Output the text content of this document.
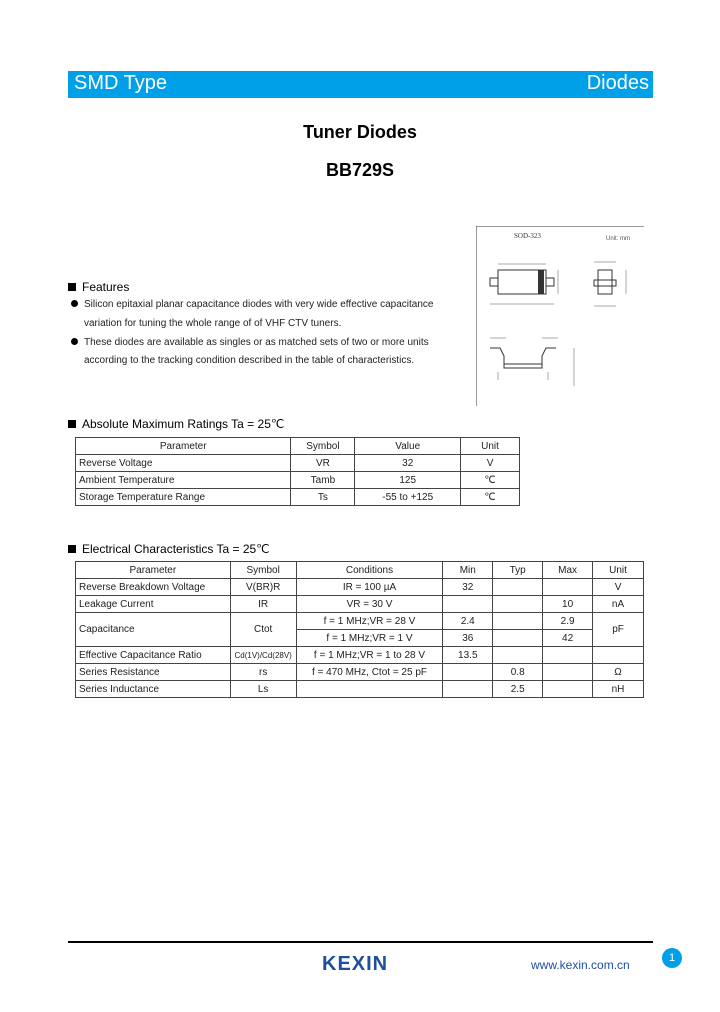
SMD Type	Diodes
Tuner Diodes
BB729S
SOD-323	Unit: mm
Features
Silicon epitaxial planar capacitance diodes with very wide effective capacitance
variation for tuning the whole range of of VHF CTV tuners.
These diodes are available as singles or as matched sets of two or more units
according to the tracking condition described in the table of characteristics.
Absolute Maximum Ratings Ta = 25℃
Parameter	Symbol	Value	Unit
Reverse Voltage	VR	32	V
Ambient Temperature	Tamb	125	℃
Storage Temperature Range	Ts	-55 to +125	℃
Electrical Characteristics Ta = 25℃
Parameter	Symbol	Conditions	Min	Typ	Max	Unit
Reverse Breakdown Voltage	V(BR)R	IR = 100 µA	32			V
Leakage Current	IR	VR = 30 V			10	nA
Capacitance	Ctot	f = 1 MHz;VR = 28 V	2.4		2.9	pF
		f = 1 MHz;VR = 1 V	36		42	
Effective Capacitance Ratio	Cd(1V)/Cd(28V)	f = 1 MHz;VR = 1 to 28 V	13.5			
Series Resistance	rs	f = 470 MHz, Ctot = 25 pF		0.8		Ω
Series Inductance	Ls			2.5		nH
KEXIN	www.kexin.com.cn	1
